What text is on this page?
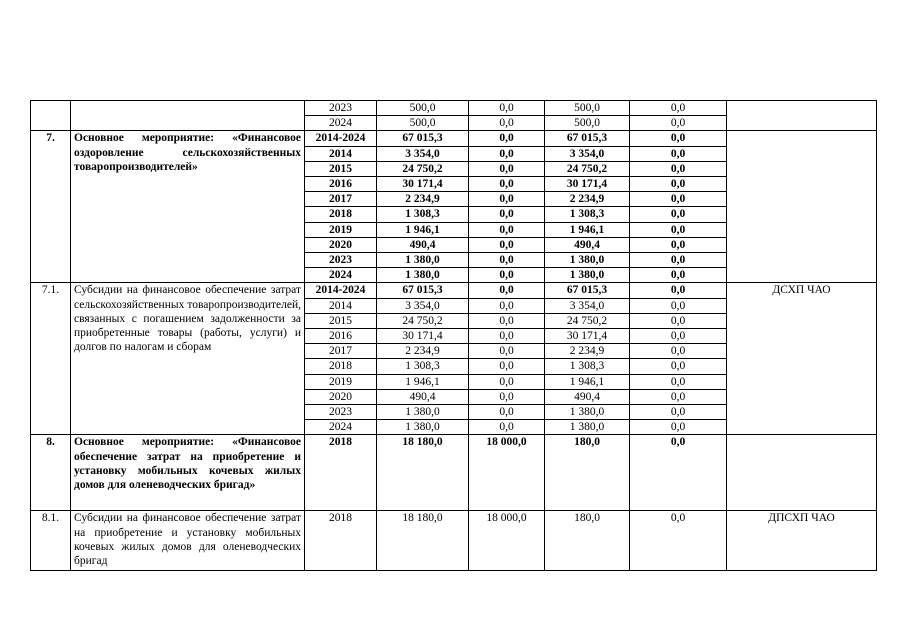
		2023	500,0	0,0	500,0	0,0	
		2024	500,0	0,0	500,0	0,0	
7.	Основное мероприятие: «Финансовое оздоровление сельскохозяйственных товаропроизводителей»	2014-2024	67 015,3	0,0	67 015,3	0,0	
		2014	3 354,0	0,0	3 354,0	0,0	
		2015	24 750,2	0,0	24 750,2	0,0	
		2016	30 171,4	0,0	30 171,4	0,0	
		2017	2 234,9	0,0	2 234,9	0,0	
		2018	1 308,3	0,0	1 308,3	0,0	
		2019	1 946,1	0,0	1 946,1	0,0	
		2020	490,4	0,0	490,4	0,0	
		2023	1 380,0	0,0	1 380,0	0,0	
		2024	1 380,0	0,0	1 380,0	0,0	
7.1.	Субсидии на финансовое обеспечение затрат сельскохозяйственных товаропроизводителей, связанных с погашением задолженности за приобретенные товары (работы, услуги) и долгов по налогам и сборам	2014-2024	67 015,3	0,0	67 015,3	0,0	ДСХП ЧАО
		2014	3 354,0	0,0	3 354,0	0,0	
		2015	24 750,2	0,0	24 750,2	0,0	
		2016	30 171,4	0,0	30 171,4	0,0	
		2017	2 234,9	0,0	2 234,9	0,0	
		2018	1 308,3	0,0	1 308,3	0,0	
		2019	1 946,1	0,0	1 946,1	0,0	
		2020	490,4	0,0	490,4	0,0	
		2023	1 380,0	0,0	1 380,0	0,0	
		2024	1 380,0	0,0	1 380,0	0,0	
8.	Основное мероприятие: «Финансовое обеспечение затрат на приобретение и установку мобильных кочевых жилых домов для оленеводческих бригад»	2018	18 180,0	18 000,0	180,0	0,0	
8.1.	Субсидии на финансовое обеспечение затрат на приобретение и установку мобильных кочевых жилых домов для оленеводческих бригад	2018	18 180,0	18 000,0	180,0	0,0	ДПСХП ЧАО
